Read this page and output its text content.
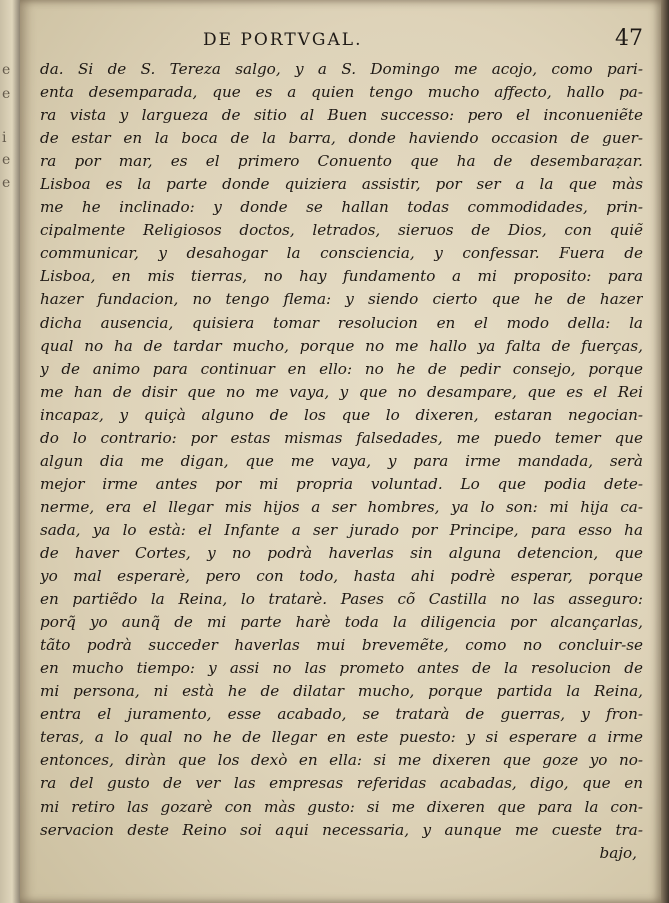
e
e
i
e
e
DE PORTVGAL.	47
da. Si de S. Tereza salgo, y a S. Domingo me acojo, como pari-
enta desemparada, que es a quien tengo mucho affecto, hallo pa-
ra vista y largueza de sitio al Buen successo: pero el inconueniẽte
de estar en la boca de la barra, donde haviendo occasion de guer-
ra por mar, es el primero Conuento que ha de desembaraẓar.
Lisboa es la parte donde quiziera assistir, por ser a la que màs
me he inclinado: y donde se hallan todas commodidades, prin-
cipalmente Religiosos doctos, letrados, sieruos de Dios, con quiẽ
communicar, y desahogar la consciencia, y confessar. Fuera de
Lisboa, en mis tierras, no hay fundamento a mi proposito: para
hazer fundacion, no tengo flema: y siendo cierto que he de hazer
dicha ausencia, quisiera tomar resolucion en el modo della: la
qual no ha de tardar mucho, porque no me hallo ya falta de fuerças,
y de animo para continuar en ello: no he de pedir consejo, porque
me han de disir que no me vaya, y que no desampare, que es el Rei
incapaz, y quiçà alguno de los que lo dixeren, estaran negocian-
do lo contrario: por estas mismas falsedades, me puedo temer que
algun dia me digan, que me vaya, y para irme mandada, serà
mejor irme antes por mi propria voluntad. Lo que podia dete-
nerme, era el llegar mis hijos a ser hombres, ya lo son: mi hija ca-
sada, ya lo està: el Infante a ser jurado por Principe, para esso ha
de haver Cortes, y no podrà haverlas sin alguna detencion, que
yo mal esperarè, pero con todo, hasta ahi podrè esperar, porque
en partiẽdo la Reina, lo tratarè. Pases cõ Castilla no las asseguro:
porq̃ yo aunq̃ de mi parte harè toda la diligencia por alcançarlas,
tãto podrà succeder haverlas mui brevemẽte, como no concluir-se
en mucho tiempo: y assi no las prometo antes de la resolucion de
mi persona, ni està he de dilatar mucho, porque partida la Reina,
entra el juramento, esse acabado, se tratarà de guerras, y fron-
teras, a lo qual no he de llegar en este puesto: y si esperare a irme
entonces, diràn que los dexò en ella: si me dixeren que goze yo no-
ra del gusto de ver las empresas referidas acabadas, digo, que en
mi retiro las gozarè con màs gusto: si me dixeren que para la con-
servacion deste Reino soi aqui necessaria, y aunque me cueste tra-
bajo,
